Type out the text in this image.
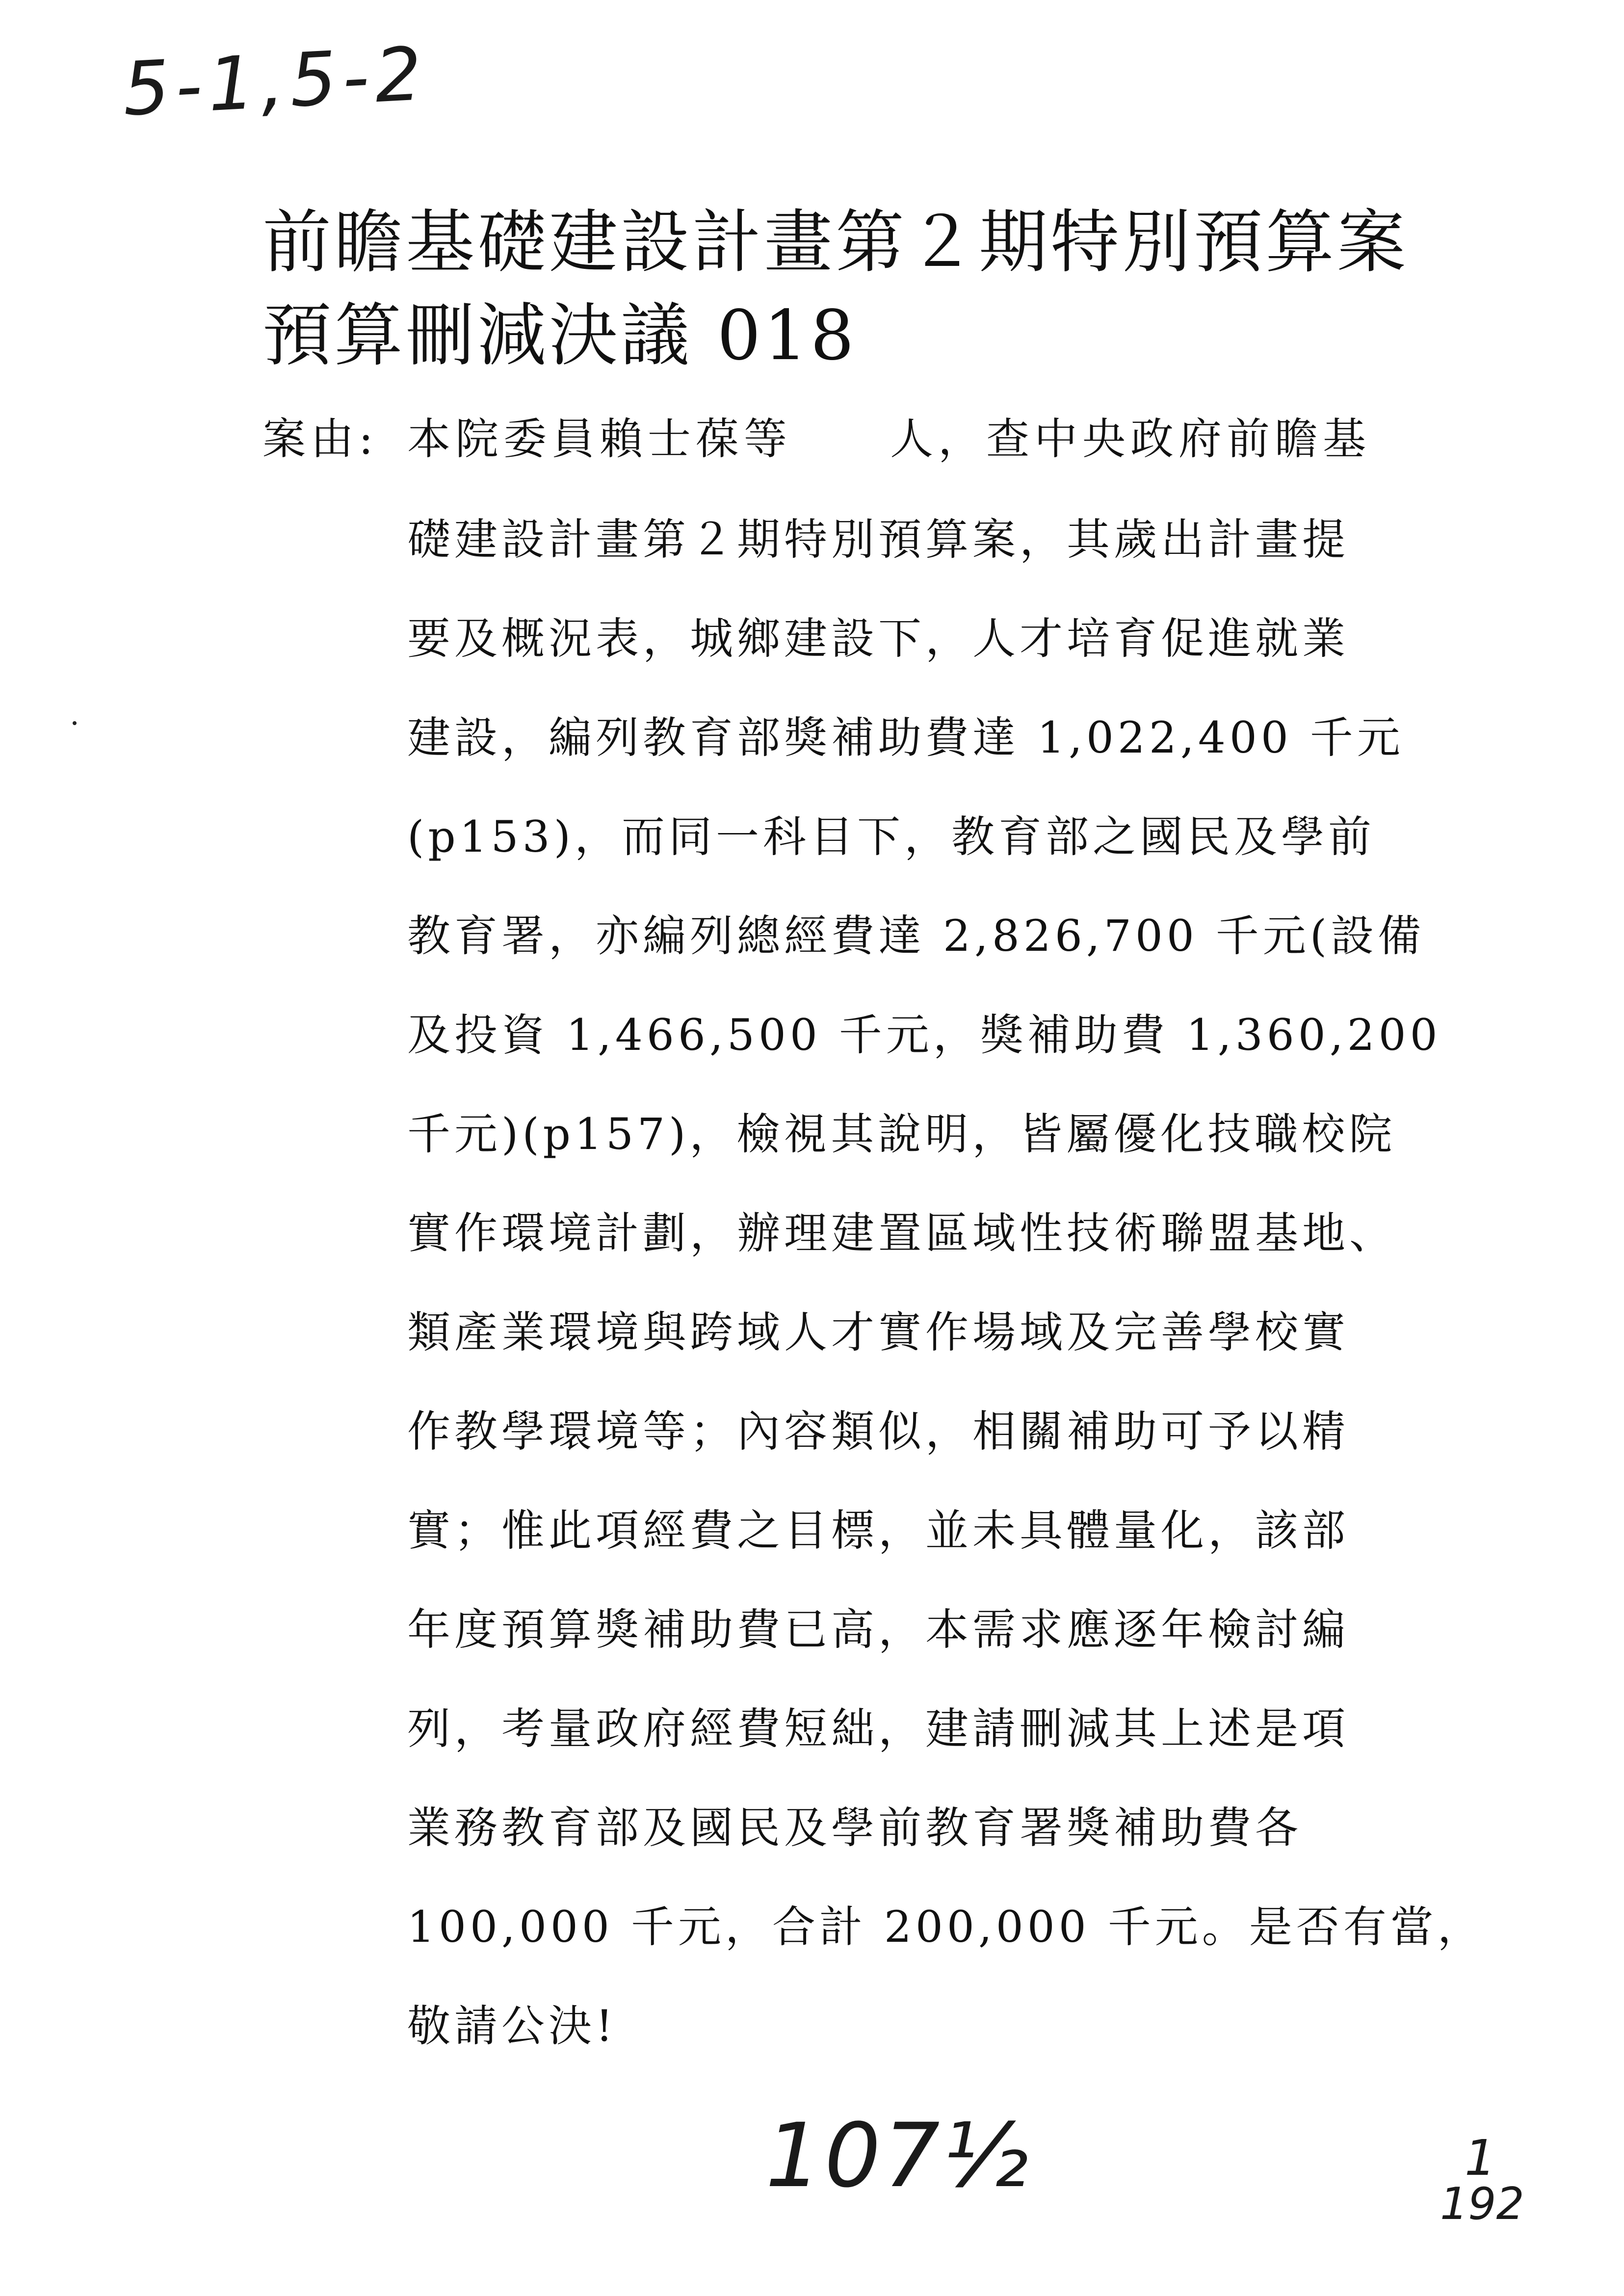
5-1,5-2
前瞻基礎建設計畫第２期特別預算案
預算刪減決議 018
案由: 本院委員賴士葆等 人，查中央政府前瞻基
礎建設計畫第２期特別預算案，其歲出計畫提
要及概況表，城鄉建設下，人才培育促進就業
建設，編列教育部獎補助費達 1,022,400 千元
(p153)，而同一科目下，教育部之國民及學前
教育署，亦編列總經費達 2,826,700 千元(設備
及投資 1,466,500 千元，獎補助費 1,360,200
千元)(p157)，檢視其說明，皆屬優化技職校院
實作環境計劃，辦理建置區域性技術聯盟基地、
類產業環境與跨域人才實作場域及完善學校實
作教學環境等；內容類似，相關補助可予以精
實；惟此項經費之目標，並未具體量化，該部
年度預算獎補助費已高，本需求應逐年檢討編
列，考量政府經費短絀，建請刪減其上述是項
業務教育部及國民及學前教育署獎補助費各
100,000 千元，合計 200,000 千元。是否有當，
敬請公決!
107½	1
192
